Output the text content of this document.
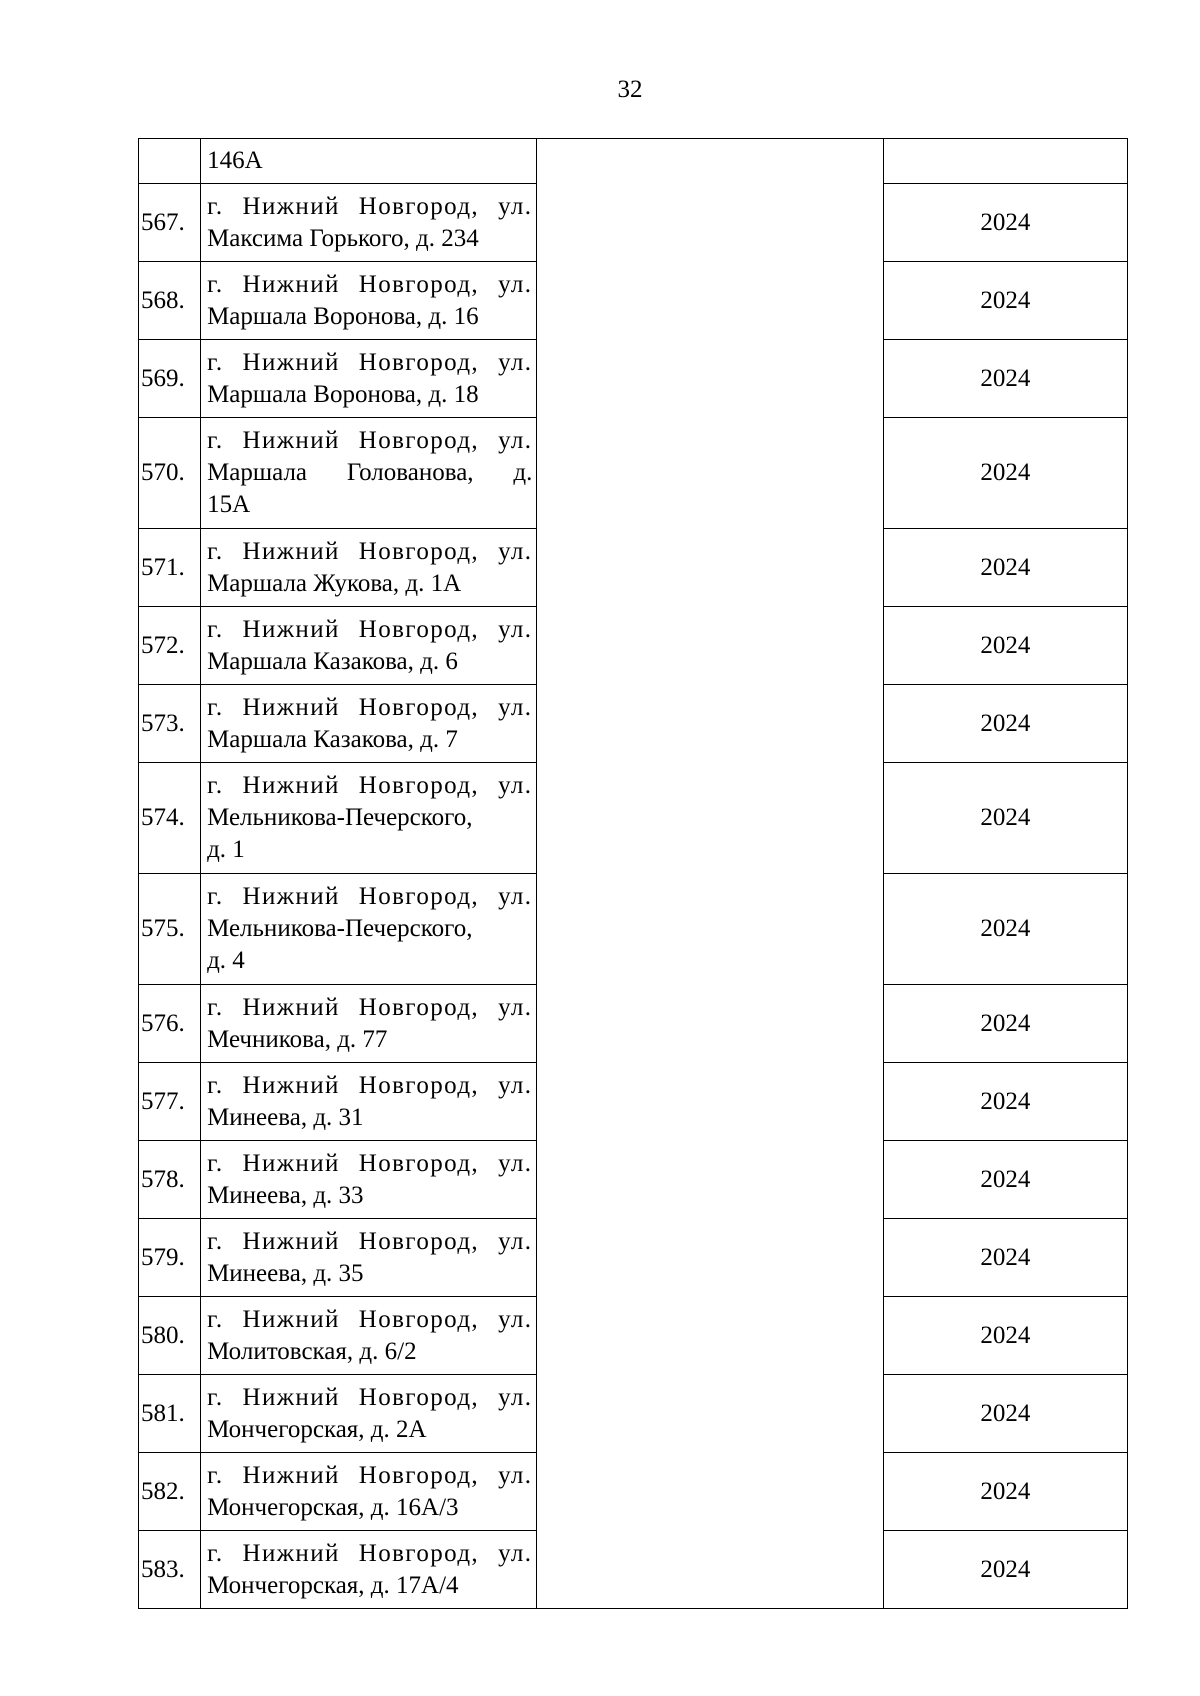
32

	146А		

567.	г. Нижний Новгород, ул.
Максима Горького, д. 234		2024
568.	г. Нижний Новгород, ул.
Маршала Воронова, д. 16		2024
569.	г. Нижний Новгород, ул.
Маршала Воронова, д. 18		2024
570.	г. Нижний Новгород, ул.
Маршала Голованова, д.
15А		2024
571.	г. Нижний Новгород, ул.
Маршала Жукова, д. 1А		2024
572.	г. Нижний Новгород, ул.
Маршала Казакова, д. 6		2024
573.	г. Нижний Новгород, ул.
Маршала Казакова, д. 7		2024
574.	г. Нижний Новгород, ул.
Мельникова-Печерского,
д. 1		2024
575.	г. Нижний Новгород, ул.
Мельникова-Печерского,
д. 4		2024
576.	г. Нижний Новгород, ул.
Мечникова, д. 77		2024
577.	г. Нижний Новгород, ул.
Минеева, д. 31		2024
578.	г. Нижний Новгород, ул.
Минеева, д. 33		2024
579.	г. Нижний Новгород, ул.
Минеева, д. 35		2024
580.	г. Нижний Новгород, ул.
Молитовская, д. 6/2		2024
581.	г. Нижний Новгород, ул.
Мончегорская, д. 2А		2024
582.	г. Нижний Новгород, ул.
Мончегорская, д. 16А/3		2024
583.	г. Нижний Новгород, ул.
Мончегорская, д. 17А/4		2024
